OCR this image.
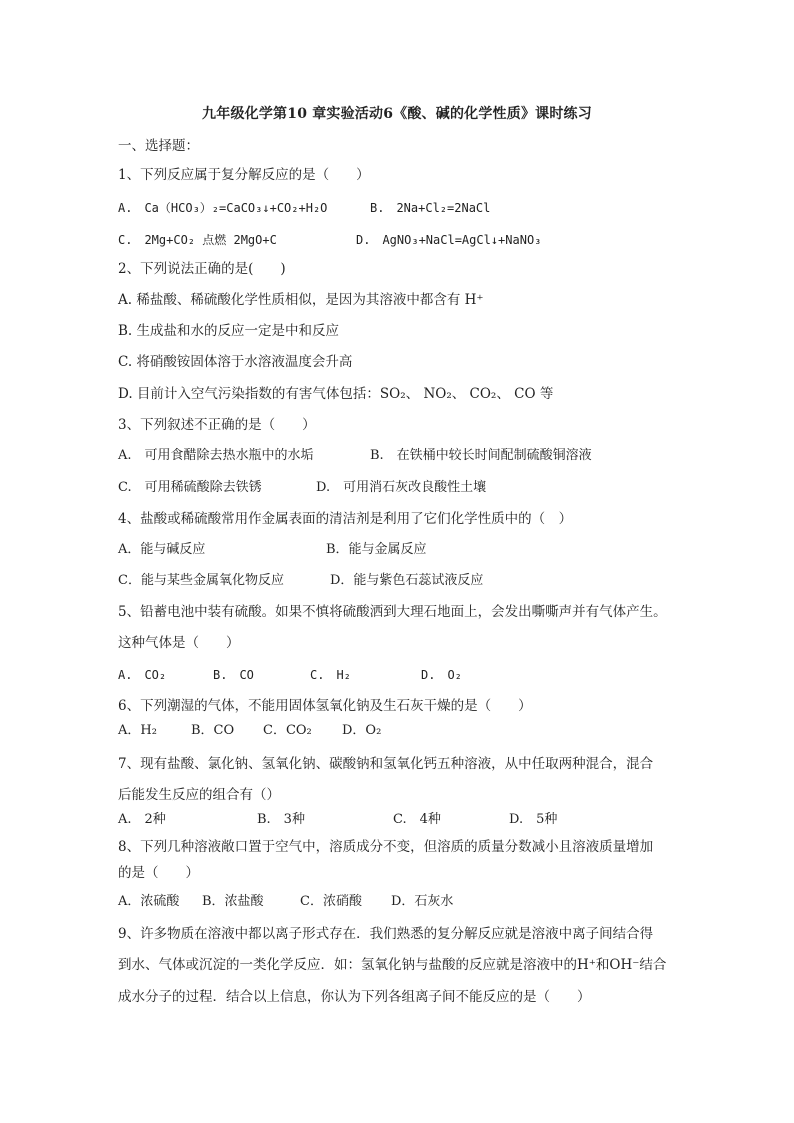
九年级化学第10 章实验活动6《酸、碱的化学性质》课时练习
一、选择题：
1、下列反应属于复分解反应的是（　　）
A.　Ca（HCO₃）₂=CaCO₃↓+CO₂+H₂O	B.　2Na+Cl₂=2NaCl
C.　2Mg+CO₂ 点燃 2MgO+C	D.　AgNO₃+NaCl=AgCl↓+NaNO₃
2、下列说法正确的是(　　)
A. 稀盐酸、稀硫酸化学性质相似，是因为其溶液中都含有 H⁺
B. 生成盐和水的反应一定是中和反应
C. 将硝酸铵固体溶于水溶液温度会升高
D. 目前计入空气污染指数的有害气体包括：SO₂、 NO₂、 CO₂、 CO 等
3、下列叙述不正确的是（　　）
A.　可用食醋除去热水瓶中的水垢	B.　在铁桶中较长时间配制硫酸铜溶液
C.　可用稀硫酸除去铁锈	D.　可用消石灰改良酸性土壤
4、盐酸或稀硫酸常用作金属表面的清洁剂是利用了它们化学性质中的（　）
A．能与碱反应	B．能与金属反应
C．能与某些金属氧化物反应	D．能与紫色石蕊试液反应
5、铅蓄电池中装有硫酸。如果不慎将硫酸洒到大理石地面上，会发出嘶嘶声并有气体产生。
这种气体是（　　）
A.　CO₂	B.　CO	C.　H₂	D.　O₂
6、下列潮湿的气体，不能用固体氢氧化钠及生石灰干燥的是（　　）
A．H₂	B．CO C．CO₂ D．O₂
7、现有盐酸、氯化钠、氢氧化钠、碳酸钠和氢氧化钙五种溶液，从中任取两种混合，混合
后能发生反应的组合有（）
A.　2种	B.　3种	C.　4种	D.　5种
8、下列几种溶液敞口置于空气中，溶质成分不变，但溶质的质量分数减小且溶液质量增加
的是（　　）
A．浓硫酸 B．浓盐酸	C．浓硝酸 D．石灰水
9、许多物质在溶液中都以离子形式存在．我们熟悉的复分解反应就是溶液中离子间结合得
到水、气体或沉淀的一类化学反应．如：氢氧化钠与盐酸的反应就是溶液中的H⁺和OH⁻结合
成水分子的过程．结合以上信息，你认为下列各组离子间不能反应的是（　　）
